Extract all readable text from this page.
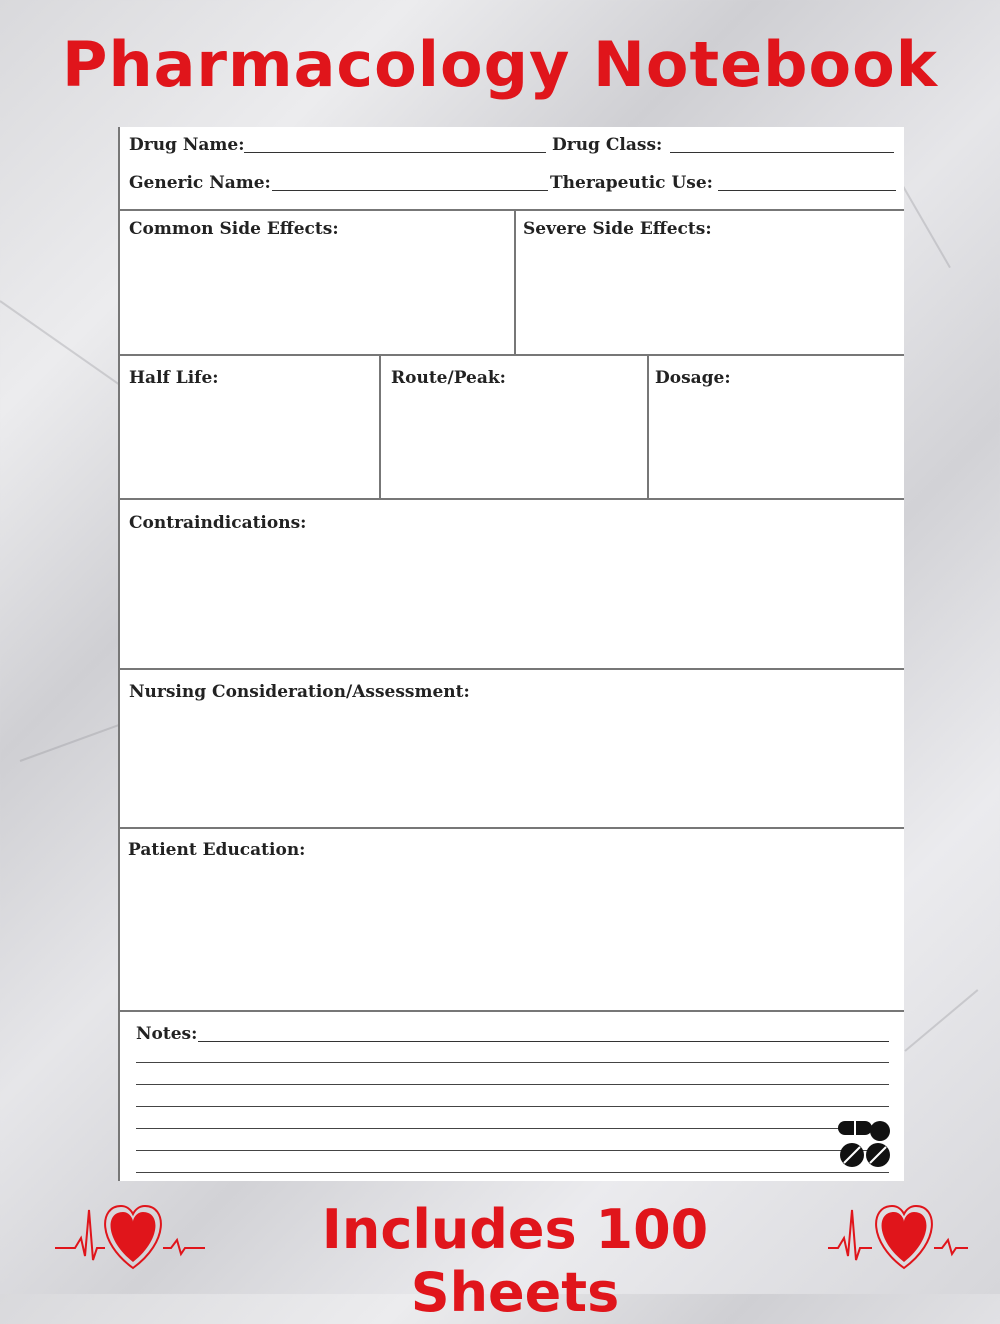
Pharmacology Notebook
Drug Name:	Drug Class:
Generic Name:	Therapeutic Use:
Common Side Effects:	Severe Side Effects:
Half Life:	Route/Peak:	Dosage:
Contraindications:
Nursing Consideration/Assessment:
Patient Education:
Notes:
Includes 100 Sheets
